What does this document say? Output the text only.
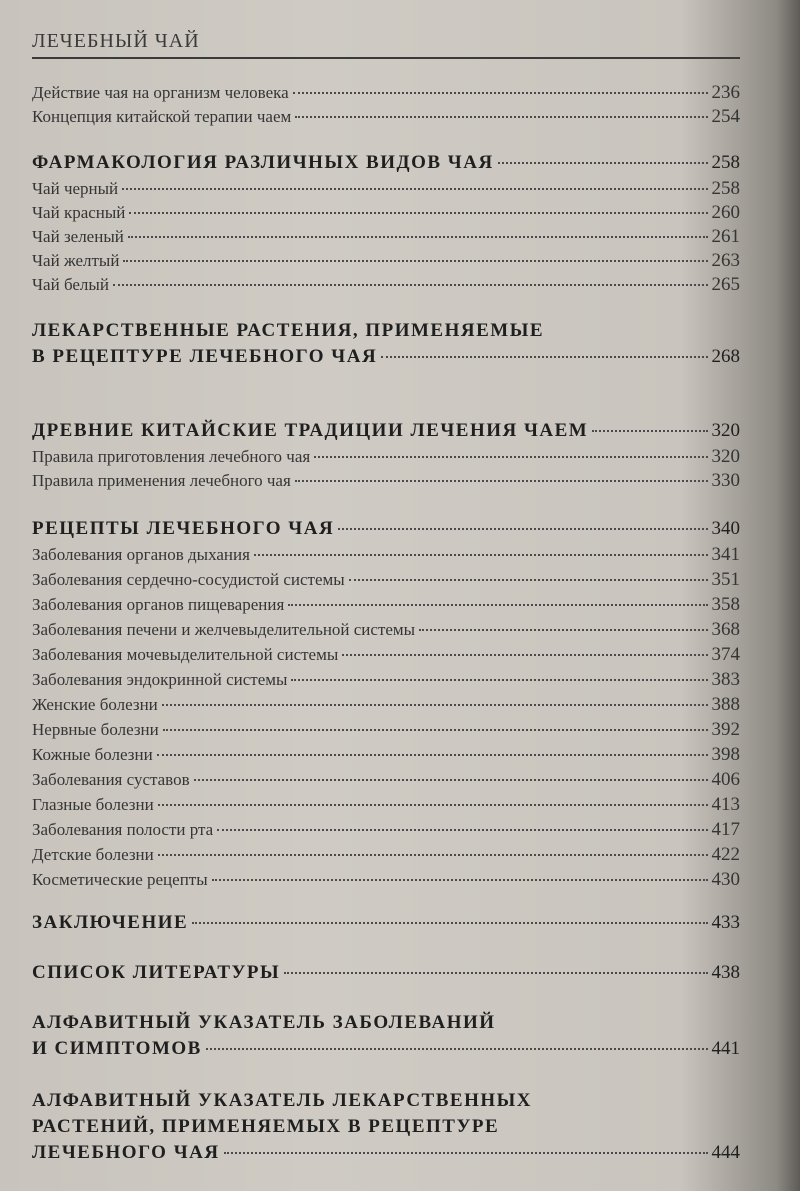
ЛЕЧЕБНЫЙ ЧАЙ
Действие чая на организм человека	236
Концепция китайской терапии чаем	254
ФАРМАКОЛОГИЯ РАЗЛИЧНЫХ ВИДОВ ЧАЯ	258
Чай черный	258
Чай красный	260
Чай зеленый	261
Чай желтый	263
Чай белый	265
ЛЕКАРСТВЕННЫЕ РАСТЕНИЯ, ПРИМЕНЯЕМЫЕ
В РЕЦЕПТУРЕ ЛЕЧЕБНОГО ЧАЯ	268
ДРЕВНИЕ КИТАЙСКИЕ ТРАДИЦИИ ЛЕЧЕНИЯ ЧАЕМ	320
Правила приготовления лечебного чая	320
Правила применения лечебного чая	330
РЕЦЕПТЫ ЛЕЧЕБНОГО ЧАЯ	340
Заболевания органов дыхания	341
Заболевания сердечно-сосудистой системы	351
Заболевания органов пищеварения	358
Заболевания печени и желчевыделительной системы	368
Заболевания мочевыделительной системы	374
Заболевания эндокринной системы	383
Женские болезни	388
Нервные болезни	392
Кожные болезни	398
Заболевания суставов	406
Глазные болезни	413
Заболевания полости рта	417
Детские болезни	422
Косметические рецепты	430
ЗАКЛЮЧЕНИЕ	433
СПИСОК ЛИТЕРАТУРЫ	438
АЛФАВИТНЫЙ УКАЗАТЕЛЬ ЗАБОЛЕВАНИЙ
И СИМПТОМОВ	441
АЛФАВИТНЫЙ УКАЗАТЕЛЬ ЛЕКАРСТВЕННЫХ
РАСТЕНИЙ, ПРИМЕНЯЕМЫХ В РЕЦЕПТУРЕ
ЛЕЧЕБНОГО ЧАЯ	444
